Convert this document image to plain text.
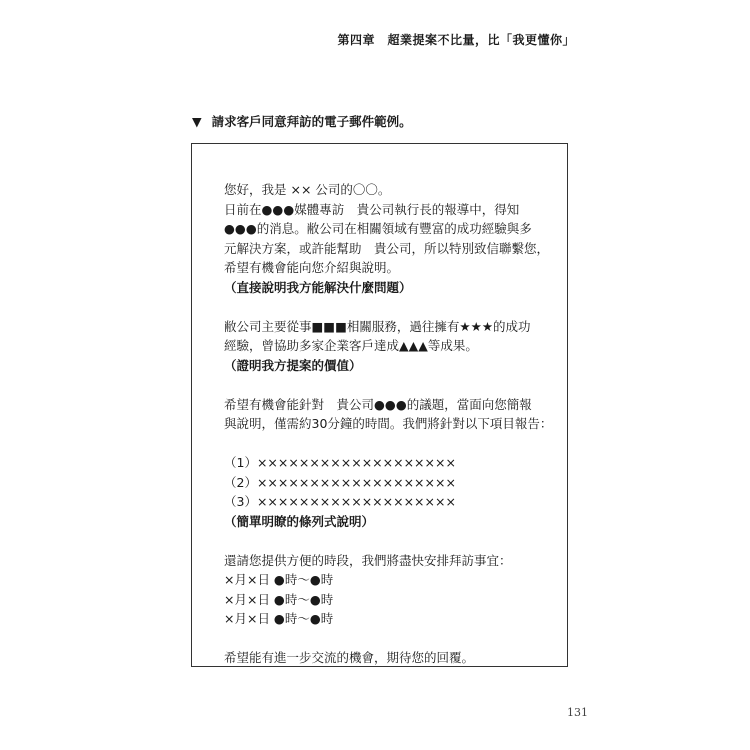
第四章　超業提案不比量，比「我更懂你」
▼ 請求客戶同意拜訪的電子郵件範例。
您好，我是 ×× 公司的〇〇。
日前在●●●媒體專訪　貴公司執行長的報導中，得知
●●●的消息。敝公司在相關領域有豐富的成功經驗與多
元解決方案，或許能幫助　貴公司，所以特別致信聯繫您，
希望有機會能向您介紹與說明。
（直接說明我方能解決什麼問題）
敝公司主要從事■■■相關服務，過往擁有★★★的成功
經驗，曾協助多家企業客戶達成▲▲▲等成果。
（證明我方提案的價值）
希望有機會能針對　貴公司●●●的議題，當面向您簡報
與說明，僅需約30分鐘的時間。我們將針對以下項目報告：
（1）×××××××××××××××××××
（2）×××××××××××××××××××
（3）×××××××××××××××××××
（簡單明瞭的條列式說明）
還請您提供方便的時段，我們將盡快安排拜訪事宜：
×月×日 ●時〜●時
×月×日 ●時〜●時
×月×日 ●時〜●時
希望能有進一步交流的機會，期待您的回覆。
131
